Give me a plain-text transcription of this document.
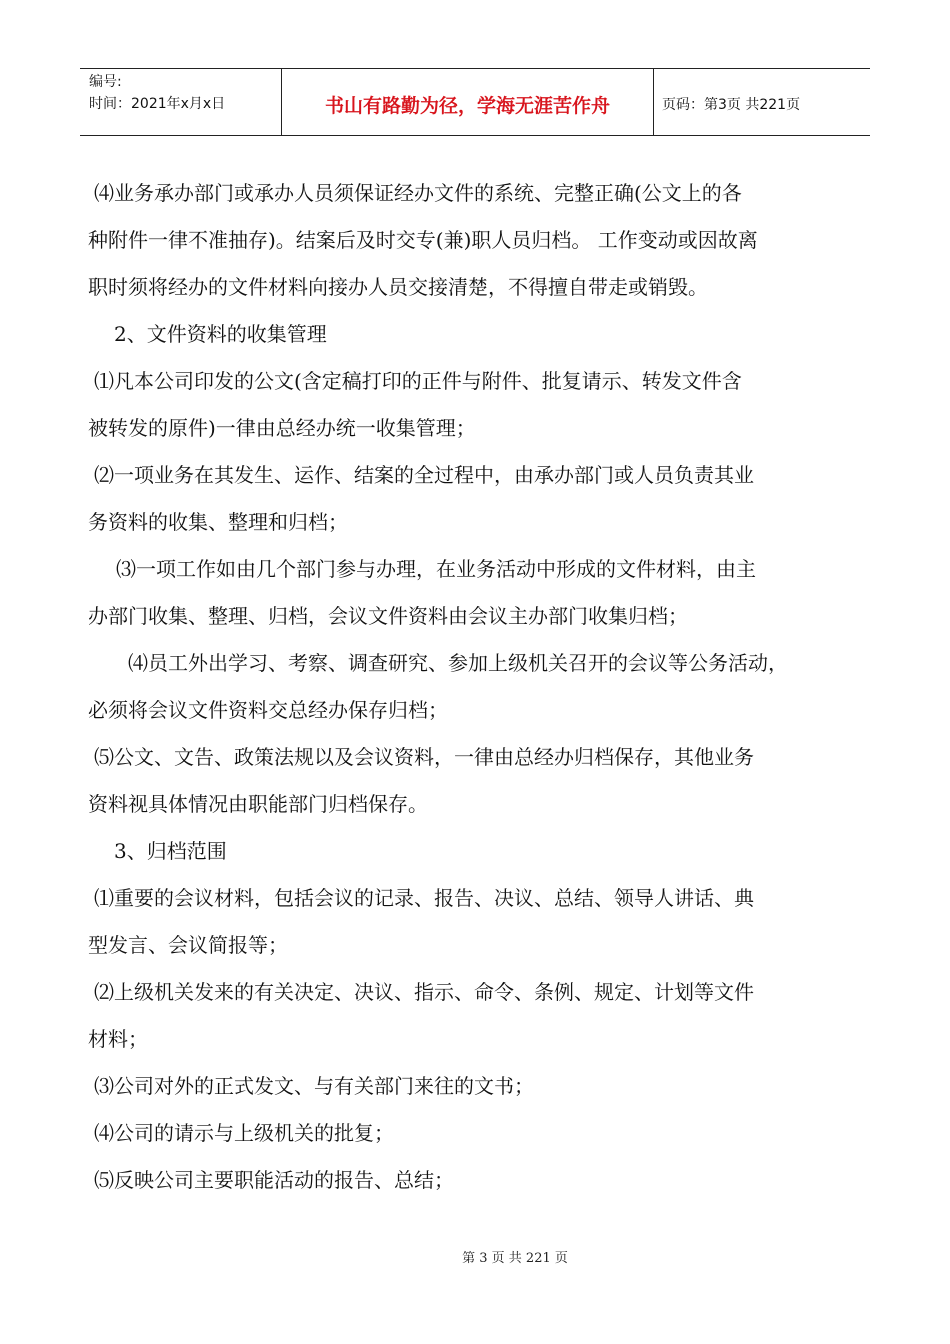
编号:
时间：2021年x月x日	书山有路勤为径，学海无涯苦作舟	页码：第3页 共221页

⑷业务承办部门或承办人员须保证经办文件的系统、完整正确(公文上的各

种附件一律不准抽存)。结案后及时交专(兼)职人员归档。 工作变动或因故离

职时须将经办的文件材料向接办人员交接清楚，不得擅自带走或销毁。

2、文件资料的收集管理

⑴凡本公司印发的公文(含定稿打印的正件与附件、批复请示、转发文件含

被转发的原件)一律由总经办统一收集管理；

⑵一项业务在其发生、运作、结案的全过程中，由承办部门或人员负责其业

务资料的收集、整理和归档；

⑶一项工作如由几个部门参与办理，在业务活动中形成的文件材料，由主

办部门收集、整理、归档，会议文件资料由会议主办部门收集归档；

⑷员工外出学习、考察、调查研究、参加上级机关召开的会议等公务活动，

必须将会议文件资料交总经办保存归档；

⑸公文、文告、政策法规以及会议资料，一律由总经办归档保存，其他业务

资料视具体情况由职能部门归档保存。

3、归档范围

⑴重要的会议材料，包括会议的记录、报告、决议、总结、领导人讲话、典

型发言、会议简报等；

⑵上级机关发来的有关决定、决议、指示、命令、条例、规定、计划等文件

材料；

⑶公司对外的正式发文、与有关部门来往的文书；

⑷公司的请示与上级机关的批复；

⑸反映公司主要职能活动的报告、总结；

第 3 页 共 221 页
